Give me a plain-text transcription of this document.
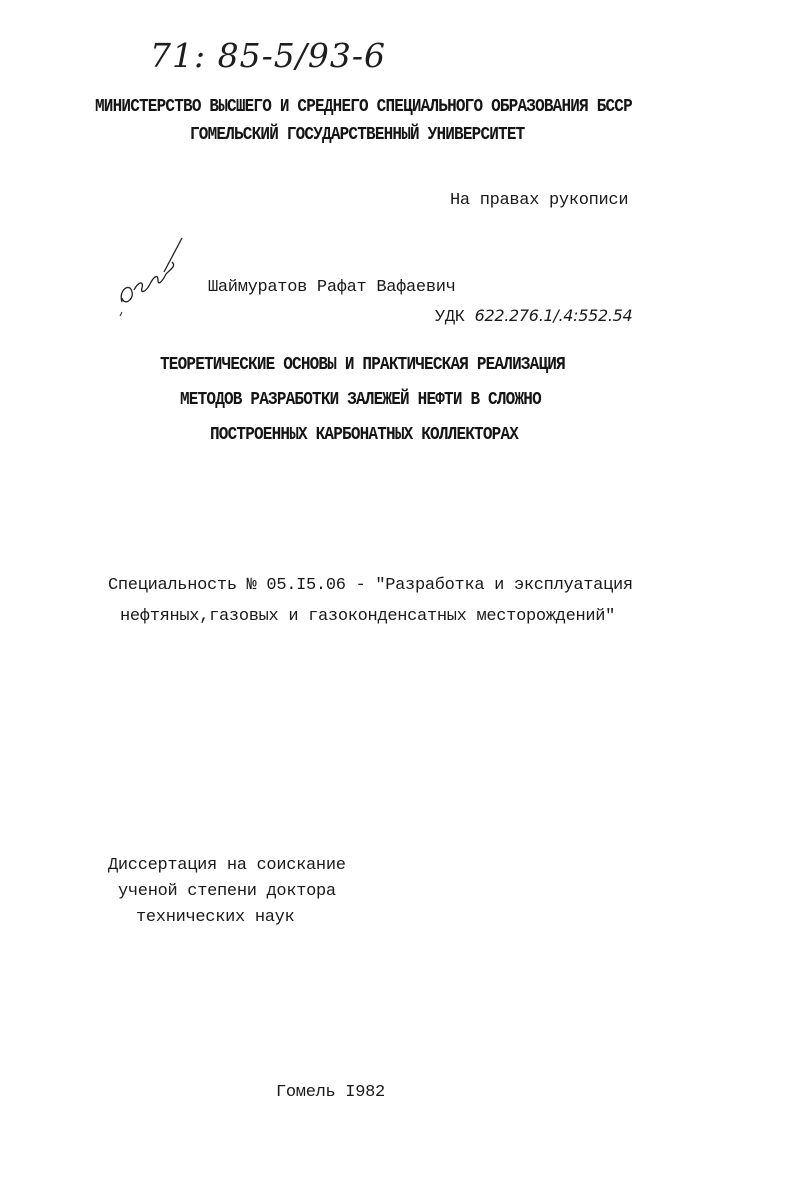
71: 85-5/93-6
МИНИСТЕРСТВО ВЫСШЕГО И СРЕДНЕГО СПЕЦИАЛЬНОГО ОБРАЗОВАНИЯ БССР
ГОМЕЛЬСКИЙ ГОСУДАРСТВЕННЫЙ УНИВЕРСИТЕТ
На правах рукописи
Шаймуратов Рафат Вафаевич
УДК 622.276.1/.4:552.54
ТЕОРЕТИЧЕСКИЕ ОСНОВЫ И ПРАКТИЧЕСКАЯ РЕАЛИЗАЦИЯ
МЕТОДОВ РАЗРАБОТКИ ЗАЛЕЖЕЙ НЕФТИ В СЛОЖНО
ПОСТРОЕННЫХ КАРБОНАТНЫХ КОЛЛЕКТОРАХ
Специальность № 05.I5.06 - "Разработка и эксплуатация
нефтяных,газовых и газоконденсатных месторождений"
Диссертация на соискание
ученой степени доктора
технических наук
Гомель I982
